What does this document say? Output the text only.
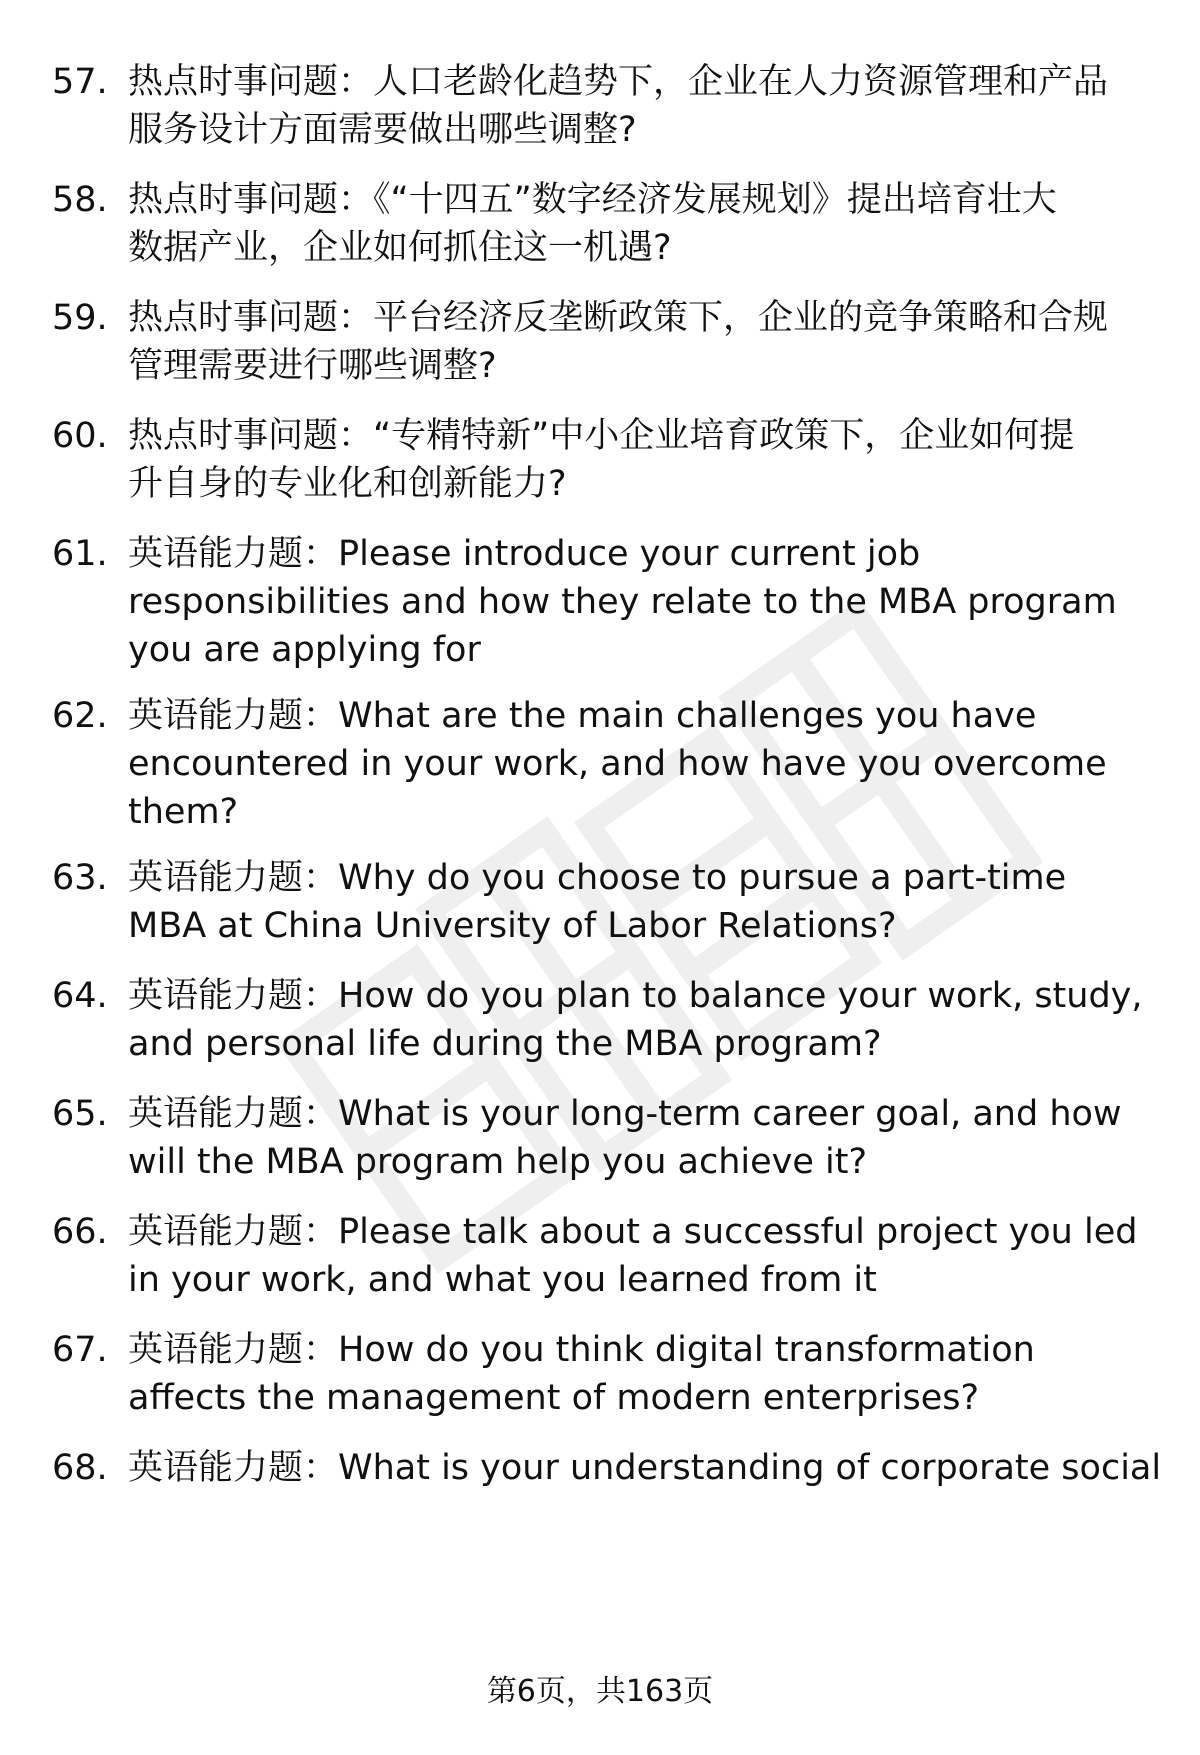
57. 热点时事问题：人口老龄化趋势下，企业在人力资源管理和产品
服务设计方面需要做出哪些调整?
58. 热点时事问题：《“十四五”数字经济发展规划》提出培育壮大
数据产业，企业如何抓住这一机遇?
59. 热点时事问题：平台经济反垄断政策下，企业的竞争策略和合规
管理需要进行哪些调整?
60. 热点时事问题：“专精特新”中小企业培育政策下，企业如何提
升自身的专业化和创新能力?
61. 英语能力题：Please introduce your current job
responsibilities and how they relate to the MBA program
you are applying for
62. 英语能力题：What are the main challenges you have
encountered in your work, and how have you overcome
them?
63. 英语能力题：Why do you choose to pursue a part-time
MBA at China University of Labor Relations?
64. 英语能力题：How do you plan to balance your work, study,
and personal life during the MBA program?
65. 英语能力题：What is your long-term career goal, and how
will the MBA program help you achieve it?
66. 英语能力题：Please talk about a successful project you led
in your work, and what you learned from it
67. 英语能力题：How do you think digital transformation
affects the management of modern enterprises?
68. 英语能力题：What is your understanding of corporate social
第6页，共163页
